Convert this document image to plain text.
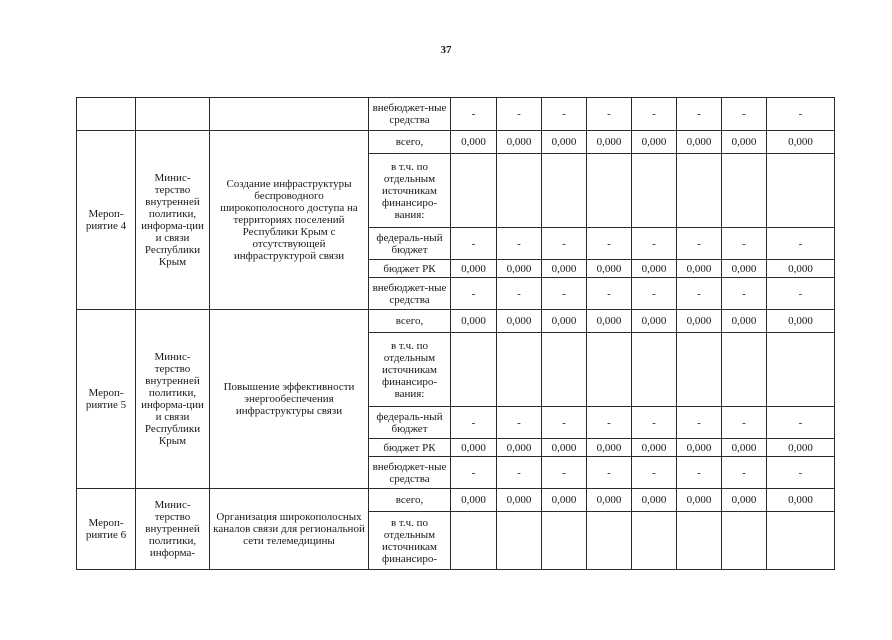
37
			внебюджет-ные средства	-	-	-	-	-	-	-	-
Мероп-риятие 4	Минис-терство внутренней политики, информа-ции и связи Республики Крым	Создание инфраструктуры беспроводного широкополосного доступа на территориях поселений Республики Крым с отсутствующей инфраструктурой связи	всего,	0,000	0,000	0,000	0,000	0,000	0,000	0,000	0,000
			в т.ч. по отдельным источникам финансиро-вания:								
			федераль-ный бюджет	-	-	-	-	-	-	-	-
			бюджет РК	0,000	0,000	0,000	0,000	0,000	0,000	0,000	0,000
			внебюджет-ные средства	-	-	-	-	-	-	-	-

Мероп-риятие 5	Минис-терство внутренней политики, информа-ции и связи Республики Крым	Повышение эффективности энергообеспечения инфраструктуры связи	всего,	0,000	0,000	0,000	0,000	0,000	0,000	0,000	0,000
			в т.ч. по отдельным источникам финансиро-вания:								
			федераль-ный бюджет	-	-	-	-	-	-	-	-
			бюджет РК	0,000	0,000	0,000	0,000	0,000	0,000	0,000	0,000
			внебюджет-ные средства	-	-	-	-	-	-	-	-

Мероп-риятие 6	Минис-терство внутренней политики, информа-	Организация широкополосных каналов связи для региональной сети телемедицины	всего,	0,000	0,000	0,000	0,000	0,000	0,000	0,000	0,000
			в т.ч. по отдельным источникам финансиро-								
